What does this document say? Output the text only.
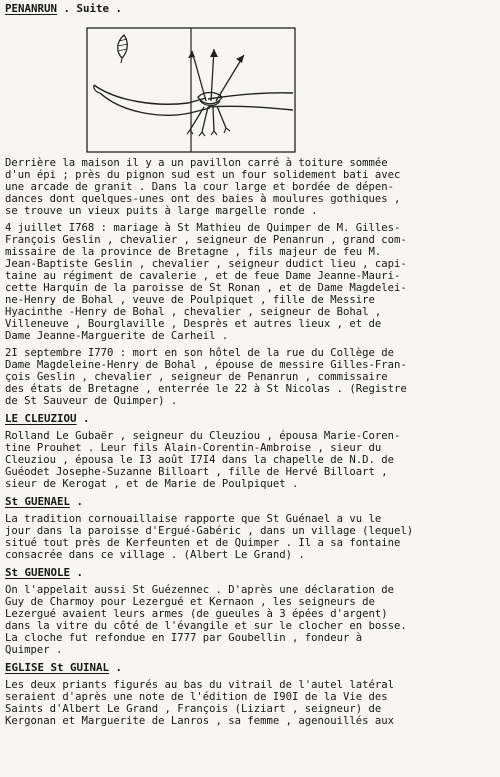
PENANRUN . Suite .
Derrière la maison il y a un pavillon carré à toiture sommée
d'un épi ; près du pignon sud est un four solidement bati avec
une arcade de granit . Dans la cour large et bordée de dépen-
dances dont quelques-unes ont des baies à moulures gothiques ,
se trouve un vieux puits à large margelle ronde .
4 juillet I768 : mariage à St Mathieu de Quimper de M. Gilles-
François Geslin , chevalier , seigneur de Penanrun , grand com-
missaire de la province de Bretagne , fils majeur de feu M.
Jean-Baptiste Geslin , chevalier , seigneur dudict lieu , capi-
taine au régiment de cavalerie , et de feue Dame Jeanne-Mauri-
cette Harquin de la paroisse de St Ronan , et de Dame Magdelei-
ne-Henry de Bohal , veuve de Poulpiquet , fille de Messire
Hyacinthe -Henry de Bohal , chevalier , seigneur de Bohal ,
Villeneuve , Bourglaville , Desprès et autres lieux , et de
Dame Jeanne-Marguerite de Carheil .
2I septembre I770 : mort en son hôtel de la rue du Collège de
Dame Magdeleine-Henry de Bohal , épouse de messire Gilles-Fran-
çois Geslin , chevalier , seigneur de Penanrun , commissaire
des états de Bretagne , enterrée le 22 à St Nicolas . (Registre
de St Sauveur de Quimper) .
LE CLEUZIOU .
Rolland Le Gubaër , seigneur du Cleuziou , épousa Marie-Coren-
tine Prouhet . Leur fils Alain-Corentin-Ambroise , sieur du
Cleuziou , épousa le I3 août I7I4 dans la chapelle de N.D. de
Guéodet Josephe-Suzanne Billoart , fille de Hervé Billoart ,
sieur de Kerogat , et de Marie de Poulpiquet .
St GUENAEL .
La tradition cornouaillaise rapporte que St Guénael a vu le
jour dans la paroisse d'Ergué-Gabéric , dans un village (lequel)
situé tout près de Kerfeunten et de Quimper . Il a sa fontaine
consacrée dans ce village . (Albert Le Grand) .
St GUENOLE .
On l'appelait aussi St Guézennec . D'après une déclaration de
Guy de Charmoy pour Lezergué et Kernaon , les seigneurs de
Lezergué avaient leurs armes (de gueules à 3 épées d'argent)
dans la vitre du côté de l'évangile et sur le clocher en bosse.
La cloche fut refondue en I777 par Goubellin , fondeur à
Quimper .
EGLISE St GUINAL .
Les deux priants figurés au bas du vitrail de l'autel latéral
seraient d'après une note de l'édition de I90I de la Vie des
Saints d'Albert Le Grand , François (Liziart , seigneur) de
Kergonan et Marguerite de Lanros , sa femme , agenouillés aux
